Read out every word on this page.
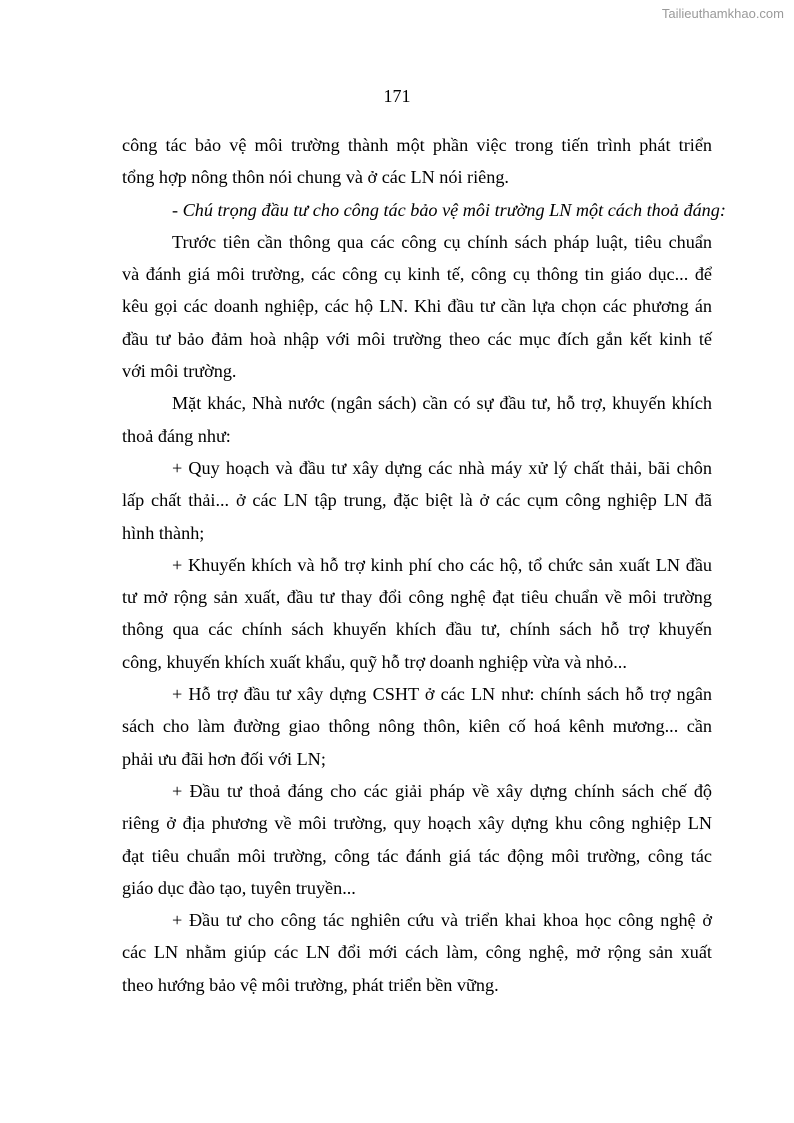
Tailieuthamkhao.com
171
công tác bảo vệ môi trường thành một phần việc trong tiến trình phát triển
tổng hợp nông thôn nói chung và ở các LN nói riêng.
- Chú trọng đầu tư cho công tác bảo vệ môi trường LN một cách thoả đáng:
Trước tiên cần thông qua các công cụ chính sách pháp luật, tiêu chuẩn
và đánh giá môi trường, các công cụ kinh tế, công cụ thông tin giáo dục... để
kêu gọi các doanh nghiệp, các hộ LN. Khi đầu tư cần lựa chọn các phương án
đầu tư bảo đảm hoà nhập với môi trường theo các mục đích gắn kết kinh tế
với môi trường.
Mặt khác, Nhà nước (ngân sách) cần có sự đầu tư, hỗ trợ, khuyến khích
thoả đáng như:
+ Quy hoạch và đầu tư xây dựng các nhà máy xử lý chất thải, bãi chôn
lấp chất thải... ở các LN tập trung, đặc biệt là ở các cụm công nghiệp LN đã
hình thành;
+ Khuyến khích và hỗ trợ kinh phí cho các hộ, tổ chức sản xuất LN đầu
tư mở rộng sản xuất, đầu tư thay đổi công nghệ đạt tiêu chuẩn về môi trường
thông qua các chính sách khuyến khích đầu tư, chính sách hỗ trợ khuyến
công, khuyến khích xuất khẩu, quỹ hỗ trợ doanh nghiệp vừa và nhỏ...
+ Hỗ trợ đầu tư xây dựng CSHT ở các LN như: chính sách hỗ trợ ngân
sách cho làm đường giao thông nông thôn, kiên cố hoá kênh mương... cần
phải ưu đãi hơn đối với LN;
+ Đầu tư thoả đáng cho các giải pháp về xây dựng chính sách chế độ
riêng ở địa phương về môi trường, quy hoạch xây dựng khu công nghiệp LN
đạt tiêu chuẩn môi trường, công tác đánh giá tác động môi trường, công tác
giáo dục đào tạo, tuyên truyền...
+ Đầu tư cho công tác nghiên cứu và triển khai khoa học công nghệ ở
các LN nhằm giúp các LN đổi mới cách làm, công nghệ, mở rộng sản xuất
theo hướng bảo vệ môi trường, phát triển bền vững.
